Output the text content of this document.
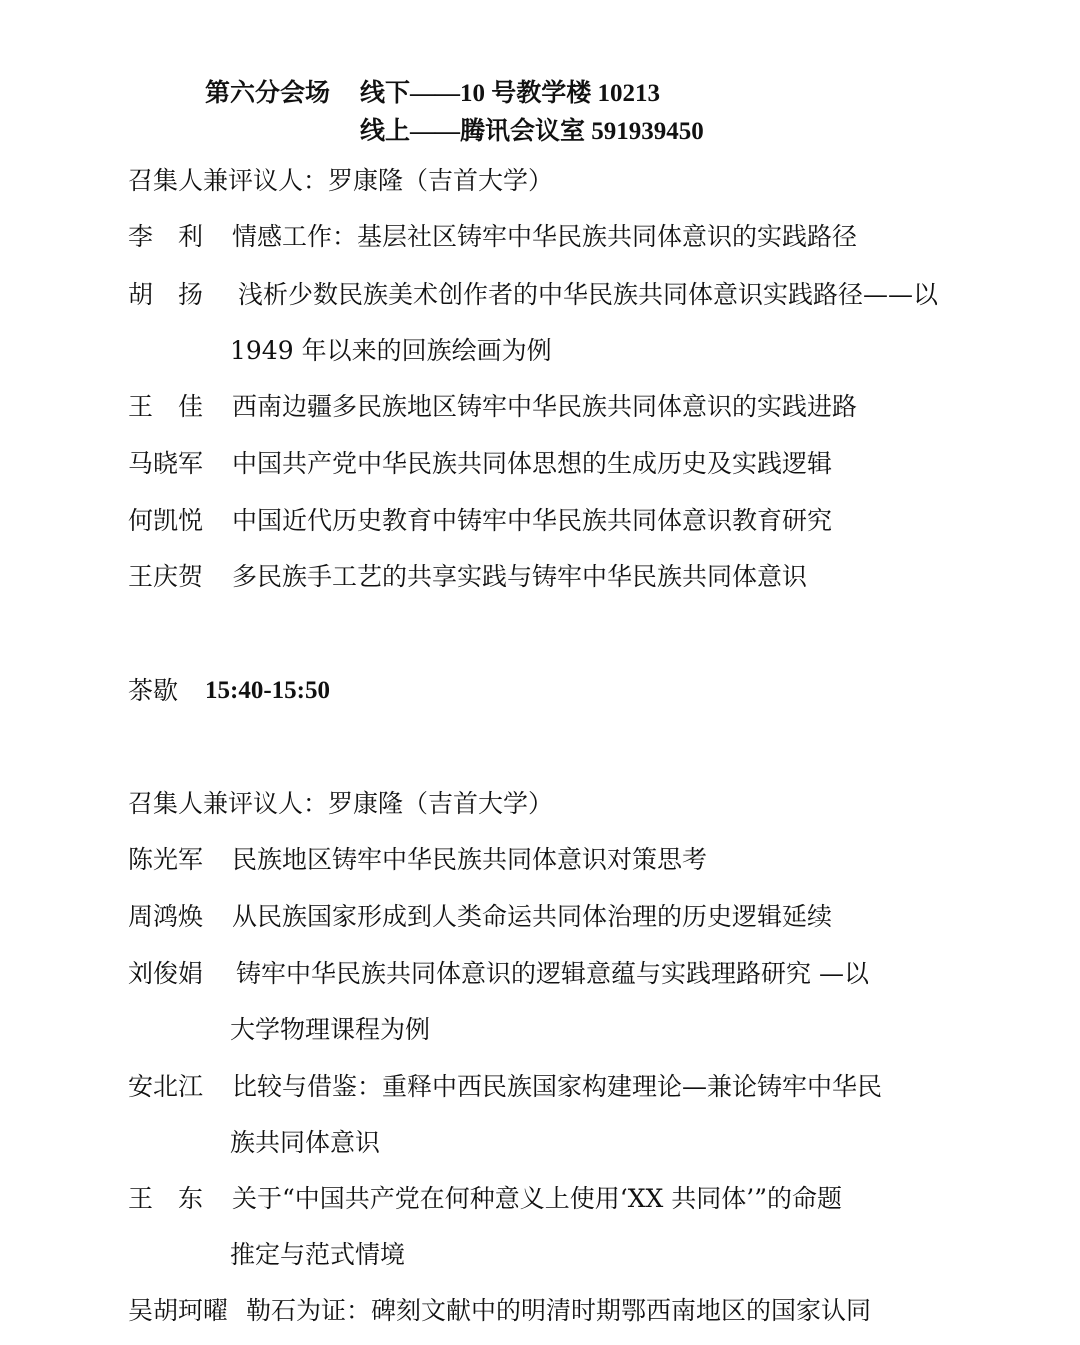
第六分会场 线下——10 号教学楼 10213
线上——腾讯会议室 591939450
召集人兼评议人：罗康隆（吉首大学）
李　利 情感工作：基层社区铸牢中华民族共同体意识的实践路径
胡　扬 浅析少数民族美术创作者的中华民族共同体意识实践路径——以
1949 年以来的回族绘画为例
王　佳 西南边疆多民族地区铸牢中华民族共同体意识的实践进路
马晓军 中国共产党中华民族共同体思想的生成历史及实践逻辑
何凯悦 中国近代历史教育中铸牢中华民族共同体意识教育研究
王庆贺 多民族手工艺的共享实践与铸牢中华民族共同体意识
茶歇 15:40-15:50
召集人兼评议人：罗康隆（吉首大学）
陈光军 民族地区铸牢中华民族共同体意识对策思考
周鸿焕 从民族国家形成到人类命运共同体治理的历史逻辑延续
刘俊娟 铸牢中华民族共同体意识的逻辑意蕴与实践理路研究 —以
大学物理课程为例
安北江 比较与借鉴：重释中西民族国家构建理论—兼论铸牢中华民
族共同体意识
王　东 关于“中国共产党在何种意义上使用‘XX 共同体’”的命题
推定与范式情境
吴胡珂曜 勒石为证：碑刻文献中的明清时期鄂西南地区的国家认同
